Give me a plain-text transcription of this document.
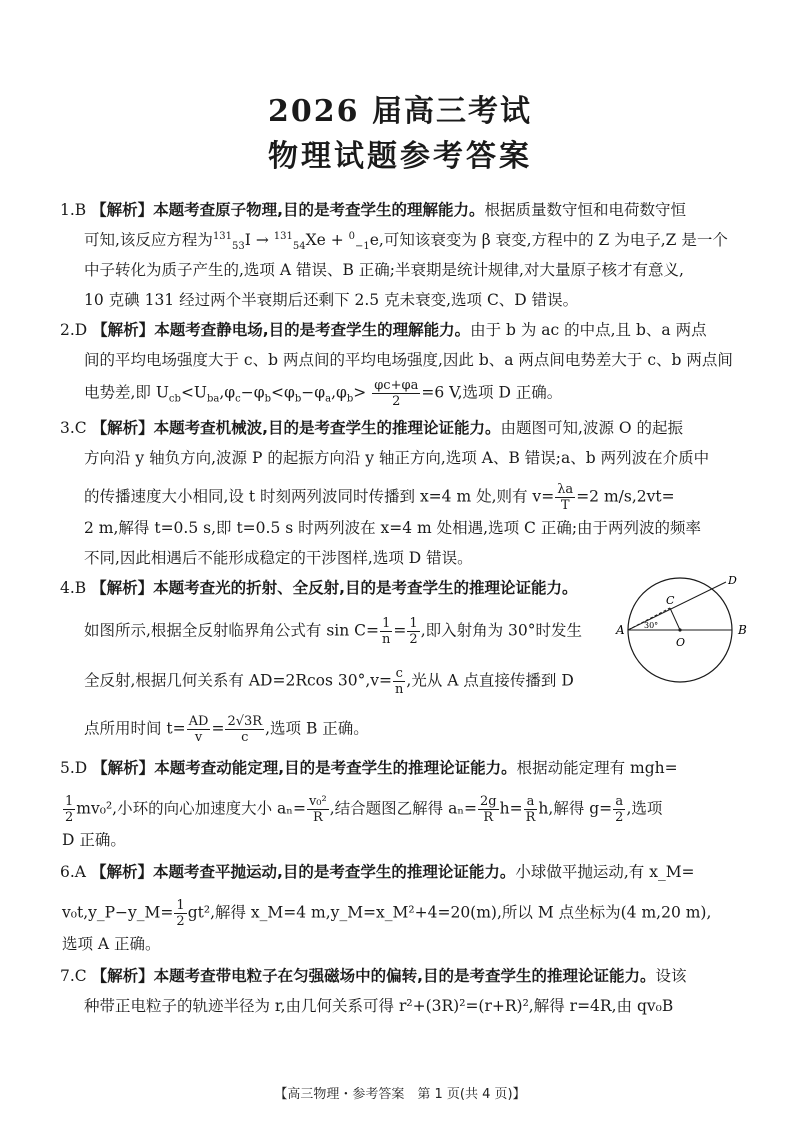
2026 届高三考试
物理试题参考答案
1.B 【解析】本题考查原子物理,目的是考查学生的理解能力。根据质量数守恒和电荷数守恒
可知,该反应方程为$^{131}_{53}$I → $^{131}_{54}$Xe + $^0_{-1}$e,可知该衰变为 β 衰变,方程中的 Z 为电子,Z 是一个
中子转化为质子产生的,选项 A 错误、B 正确;半衰期是统计规律,对大量原子核才有意义,
10 克碘 131 经过两个半衰期后还剩下 2.5 克未衰变,选项 C、D 错误。
2.D 【解析】本题考查静电场,目的是考查学生的理解能力。由于 b 为 ac 的中点,且 b、a 两点
间的平均电场强度大于 c、b 两点间的平均电场强度,因此 b、a 两点间电势差大于 c、b 两点间
电势差,即 $U_{cb}<U_{ba},\varphi_c-\varphi_b<\varphi_b-\varphi_a,\varphi_b> \frac{\varphi c+\varphi a}{2} =6$ V,选项 D 正确。
3.C 【解析】本题考查机械波,目的是考查学生的推理论证能力。由题图可知,波源 O 的起振
方向沿 y 轴负方向,波源 P 的起振方向沿 y 轴正方向,选项 A、B 错误;a、b 两列波在介质中
的传播速度大小相同,设 t 时刻两列波同时传播到 x=4 m 处,则有 $v= \frac{\lambda a}{T} =2$ m/s,2vt=
2 m,解得 t=0.5 s,即 t=0.5 s 时两列波在 x=4 m 处相遇,选项 C 正确;由于两列波的频率
不同,因此相遇后不能形成稳定的干涉图样,选项 D 错误。
4.B 【解析】本题考查光的折射、全反射,目的是考查学生的推理论证能力。
如图所示,根据全反射临界角公式有 $\sin C= \frac{1}{n} = \frac{1}{2}$ ,即入射角为 30°时发生
全反射,根据几何关系有 AD=2Rcos $30^\circ,v= \frac{c}{n}$ ,光从 A 点直接传播到 D
点所用时间 $t= \frac{AD}{v} = \frac{2√3R}{c}$ ,选项 B 正确。
A	B
C
D
O
30°
5.D 【解析】本题考查动能定理,目的是考查学生的推理论证能力。根据动能定理有 mgh=
$\frac{1}{2} mv_0^2$,小环的向心加速度大小 $a_n= \frac{\text{v₀²}}{R}$ ,结合题图乙解得 $a_n= \frac{2g}{R} h= \frac{a}{R} h$,解得 $g= \frac{a}{2}$ ,选项
D 正确。
6.A 【解析】本题考查平抛运动,目的是考查学生的推理论证能力。小球做平抛运动,有 x_M=
v₀t,y_P−y_M= $\frac{1}{2} gt^2$,解得 x_M=4 m,y_M=x_M²+4=20(m),所以 M 点坐标为(4 m,20 m),
选项 A 正确。
7.C 【解析】本题考查带电粒子在匀强磁场中的偏转,目的是考查学生的推理论证能力。设该
种带正电粒子的轨迹半径为 r,由几何关系可得 r²+(3R)²=(r+R)²,解得 r=4R,由 qv₀B
【高三物理・参考答案　第 1 页(共 4 页)】
